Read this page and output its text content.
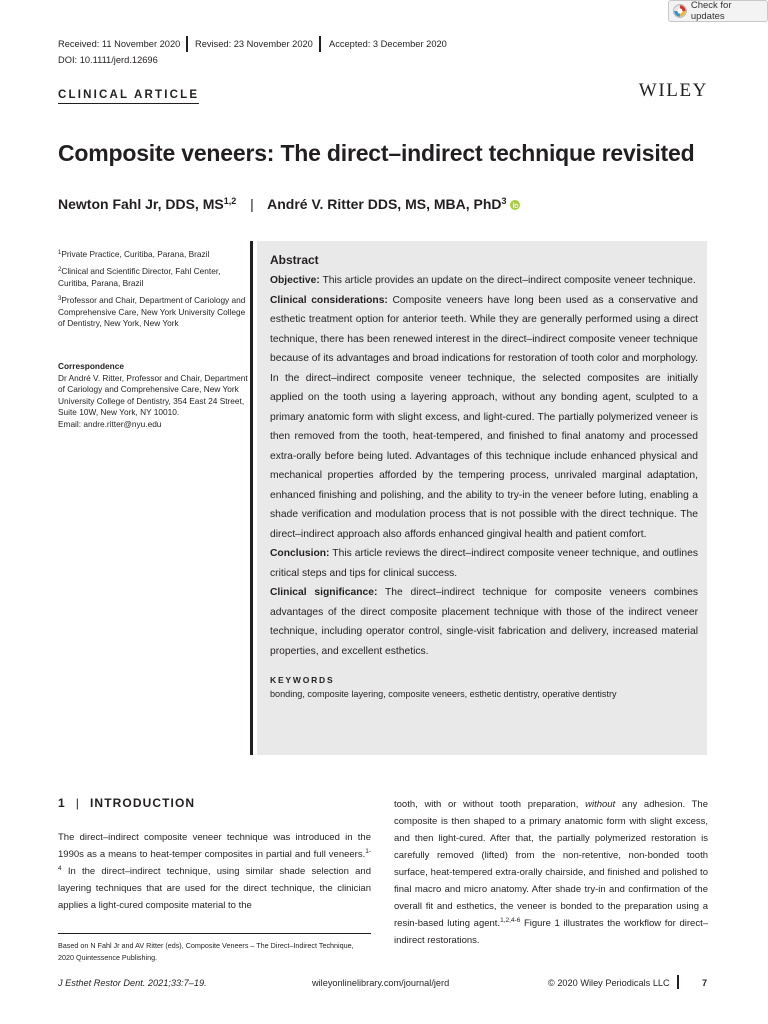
Check for updates
Received: 11 November 2020 Revised: 23 November 2020 Accepted: 3 December 2020
DOI: 10.1111/jerd.12696
CLINICAL ARTICLE	WILEY
Composite veneers: The direct–indirect technique revisited
Newton Fahl Jr, DDS, MS$^{1,2}$ | André V. Ritter DDS, MS, MBA, PhD$^3$
$^1$Private Practice, Curitiba, Parana, Brazil
$^2$Clinical and Scientific Director, Fahl Center, Curitiba, Parana, Brazil
$^3$Professor and Chair, Department of Cariology and Comprehensive Care, New York University College of Dentistry, New York, New York
Correspondence
Dr André V. Ritter, Professor and Chair, Department of Cariology and Comprehensive Care, New York University College of Dentistry, 354 East 24 Street, Suite 10W, New York, NY 10010.
Email: andre.ritter@nyu.edu
Abstract

Objective: This article provides an update on the direct–indirect composite veneer technique.

Clinical considerations: Composite veneers have long been used as a conservative and esthetic treatment option for anterior teeth. While they are generally performed using a direct technique, there has been renewed interest in the direct–indirect composite veneer technique because of its advantages and broad indications for restoration of tooth color and morphology. In the direct–indirect composite veneer technique, the selected composites are initially applied on the tooth using a layering approach, without any bonding agent, sculpted to a primary anatomic form with slight excess, and light-cured. The partially polymerized veneer is then removed from the tooth, heat-tempered, and finished to final anatomy and processed extra-orally before being luted. Advantages of this technique include enhanced physical and mechanical properties afforded by the tempering process, unrivaled marginal adaptation, enhanced finishing and polishing, and the ability to try-in the veneer before luting, enabling a shade verification and modulation process that is not possible with the direct technique. The direct–indirect approach also affords enhanced gingival health and patient comfort.

Conclusion: This article reviews the direct–indirect composite veneer technique, and outlines critical steps and tips for clinical success.

Clinical significance: The direct–indirect technique for composite veneers combines advantages of the direct composite placement technique with those of the indirect veneer technique, including operator control, single-visit fabrication and delivery, increased material properties, and excellent esthetics.

KEYWORDS
bonding, composite layering, composite veneers, esthetic dentistry, operative dentistry
1 | INTRODUCTION
The direct–indirect composite veneer technique was introduced in the 1990s as a means to heat-temper composites in partial and full veneers.$^{1-4}$ In the direct–indirect technique, using similar shade selection and layering techniques that are used for the direct technique, the clinician applies a light-cured composite material to the
Based on N Fahl Jr and AV Ritter (eds), Composite Veneers – The Direct–Indirect Technique, 2020 Quintessence Publishing.
tooth, with or without tooth preparation, without any adhesion. The composite is then shaped to a primary anatomic form with slight excess, and then light-cured. After that, the partially polymerized restoration is carefully removed (lifted) from the non-retentive, non-bonded tooth surface, heat-tempered extra-orally chairside, and finished and polished to final macro and micro anatomy. After shade try-in and confirmation of the overall fit and esthetics, the veneer is bonded to the preparation using a resin-based luting agent.$^{1,2,4-6}$ Figure 1 illustrates the workflow for direct–indirect restorations.
J Esthet Restor Dent. 2021;33:7–19.	wileyonlinelibrary.com/journal/jerd	© 2020 Wiley Periodicals LLC	7
